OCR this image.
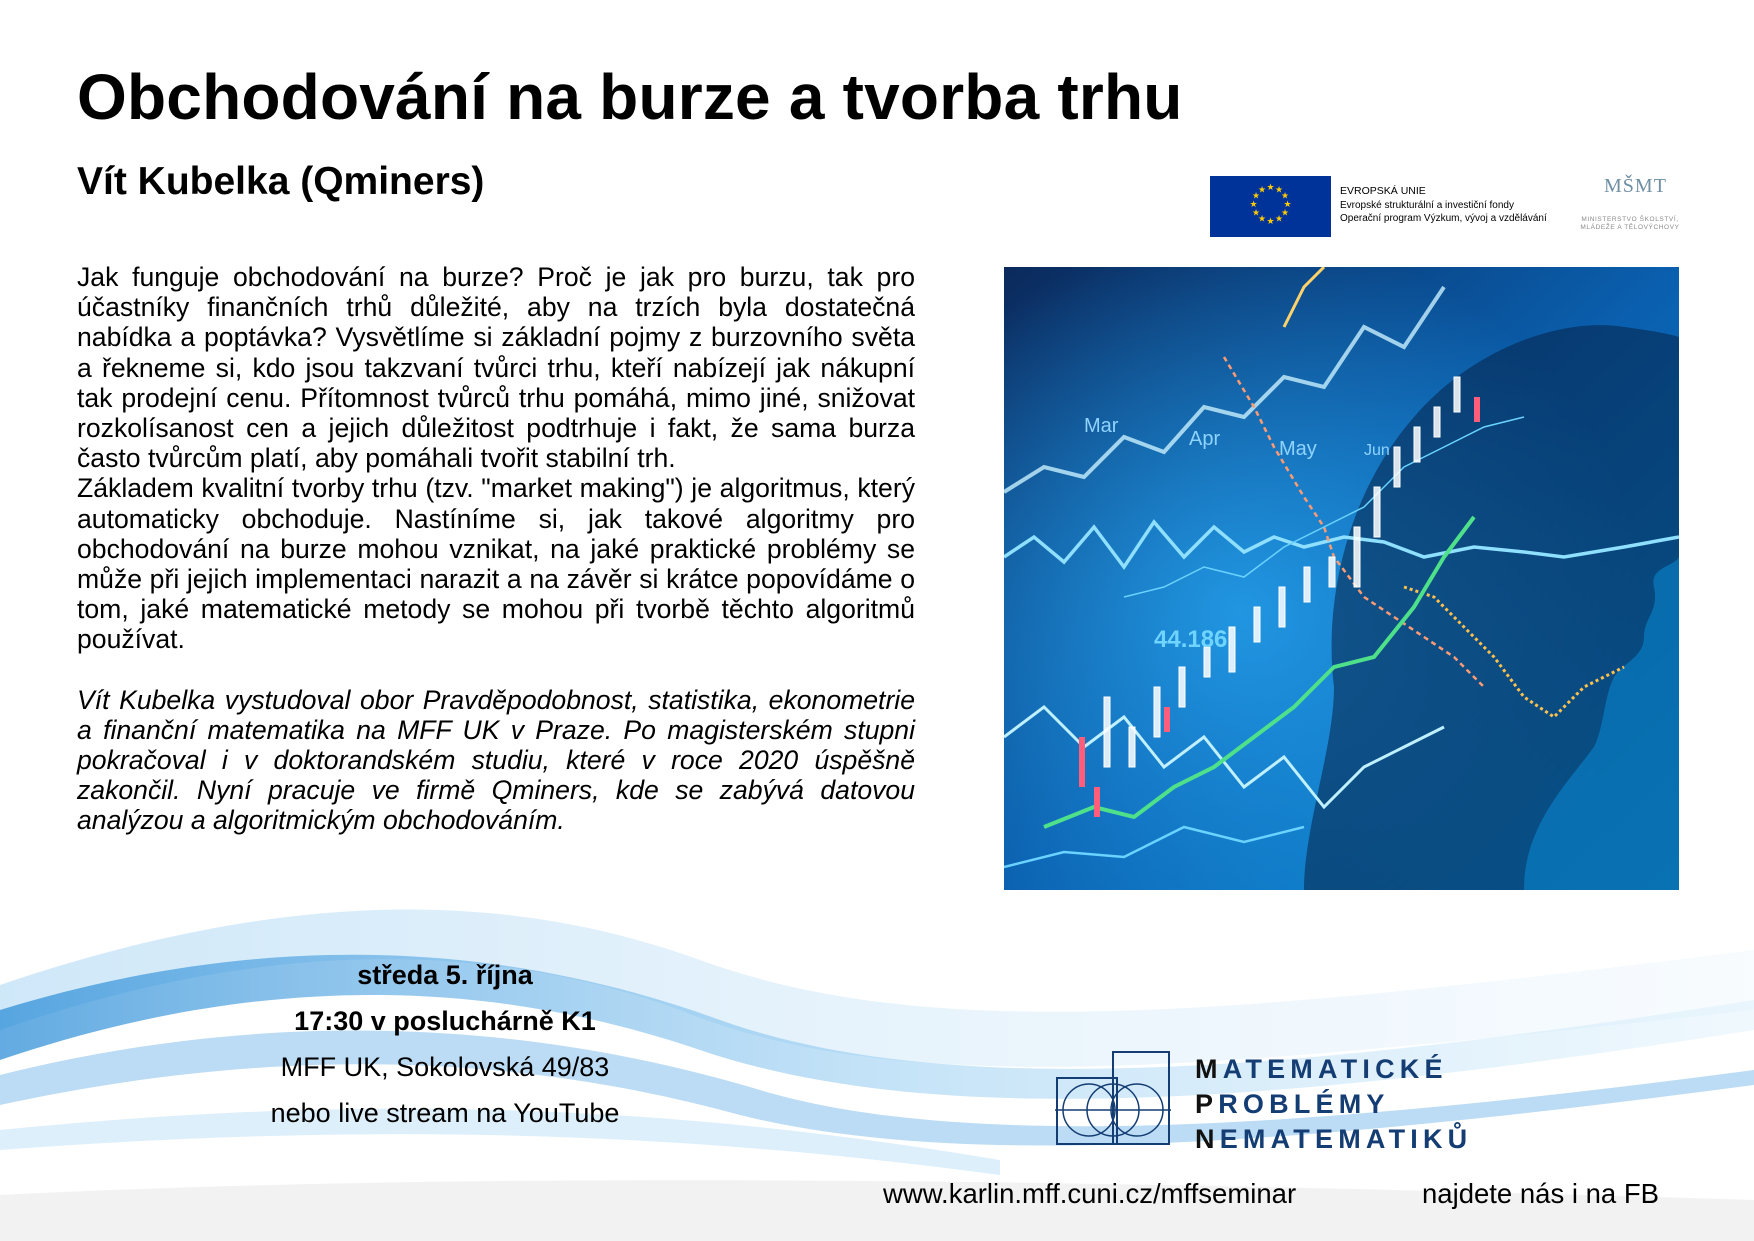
Obchodování na burze a tvorba trhu
Vít Kubelka (Qminers)	★ ★
★
★
★
★
★
★
★
★
★
★	EVROPSKÁ UNIE
Evropské strukturální a investiční fondy
Operační program Výzkum, vývoj a vzdělávání
MŠMT
MINISTERSTVO ŠKOLSTVÍ,
MLÁDEŽE A TĚLOVÝCHOVY

Jak funguje obchodování na burze? Proč je jak pro burzu, tak pro účastníky finančních trhů důležité, aby na trzích byla dostatečná nabídka a poptávka? Vysvětlíme si základní pojmy z burzovního světa a řekneme si, kdo jsou takzvaní tvůrci trhu, kteří nabízejí jak nákupní tak prodejní cenu. Přítomnost tvůrců trhu pomáhá, mimo jiné, snižovat rozkolísanost cen a jejich důležitost podtrhuje i fakt, že sama burza často tvůrcům platí, aby pomáhali tvořit stabilní trh.

Základem kvalitní tvorby trhu (tzv. "market making") je algoritmus, který automaticky obchoduje. Nastíníme si, jak takové algoritmy pro obchodování na burze mohou vznikat, na jaké praktické problémy se může při jejich implementaci narazit a na závěr si krátce popovídáme o tom, jaké matematické metody se mohou při tvorbě těchto algoritmů používat.

Vít Kubelka vystudoval obor Pravděpodobnost, statistika, ekonometrie a finanční matematika na MFF UK v Praze. Po magisterském stupni pokračoval i v doktorandském studiu, které v roce 2020 úspěšně zakončil. Nyní pracuje ve firmě Qminers, kde se zabývá datovou analýzou a algoritmickým obchodováním.

Mar
Apr	May	Jun
44.186
středa 5. října
17:30 v posluchárně K1
MFF UK, Sokolovská 49/83
nebo live stream na YouTube
MATEMATICKÉ
PROBLÉMY
NEMATEMATIKŮ
www.karlin.mff.cuni.cz/mffseminar	najdete nás i na FB
